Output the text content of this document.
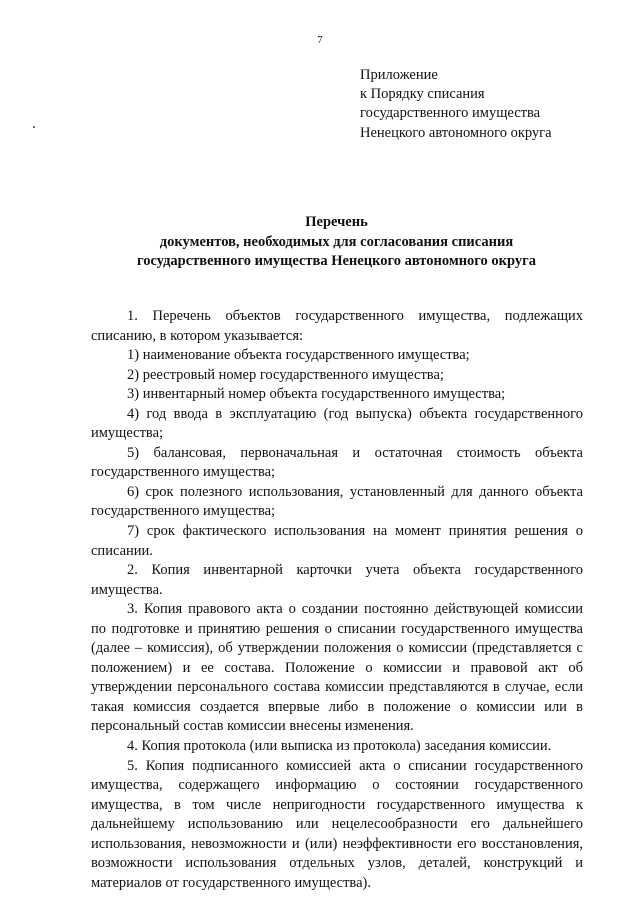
7
Приложение
к Порядку списания
государственного имущества
Ненецкого автономного округа
Перечень
документов, необходимых для согласования списания
государственного имущества Ненецкого автономного округа

1. Перечень объектов государственного имущества, подлежащих списанию, в котором указывается:

1) наименование объекта государственного имущества;

2) реестровый номер государственного имущества;

3) инвентарный номер объекта государственного имущества;

4) год ввода в эксплуатацию (год выпуска) объекта государственного имущества;

5) балансовая, первоначальная и остаточная стоимость объекта государственного имущества;

6) срок полезного использования, установленный для данного объекта государственного имущества;

7) срок фактического использования на момент принятия решения о списании.

2. Копия инвентарной карточки учета объекта государственного имущества.

3. Копия правового акта о создании постоянно действующей комиссии по подготовке и принятию решения о списании государственного имущества (далее – комиссия), об утверждении положения о комиссии (представляется с положением) и ее состава. Положение о комиссии и правовой акт об утверждении персонального состава комиссии представляются в случае, если такая комиссия создается впервые либо в положение о комиссии или в персональный состав комиссии внесены изменения.

4. Копия протокола (или выписка из протокола) заседания комиссии.

5. Копия подписанного комиссией акта о списании государственного имущества, содержащего информацию о состоянии государственного имущества, в том числе непригодности государственного имущества к дальнейшему использованию или нецелесообразности его дальнейшего использования, невозможности и (или) неэффективности его восстановления, возможности использования отдельных узлов, деталей, конструкций и материалов от государственного имущества).
